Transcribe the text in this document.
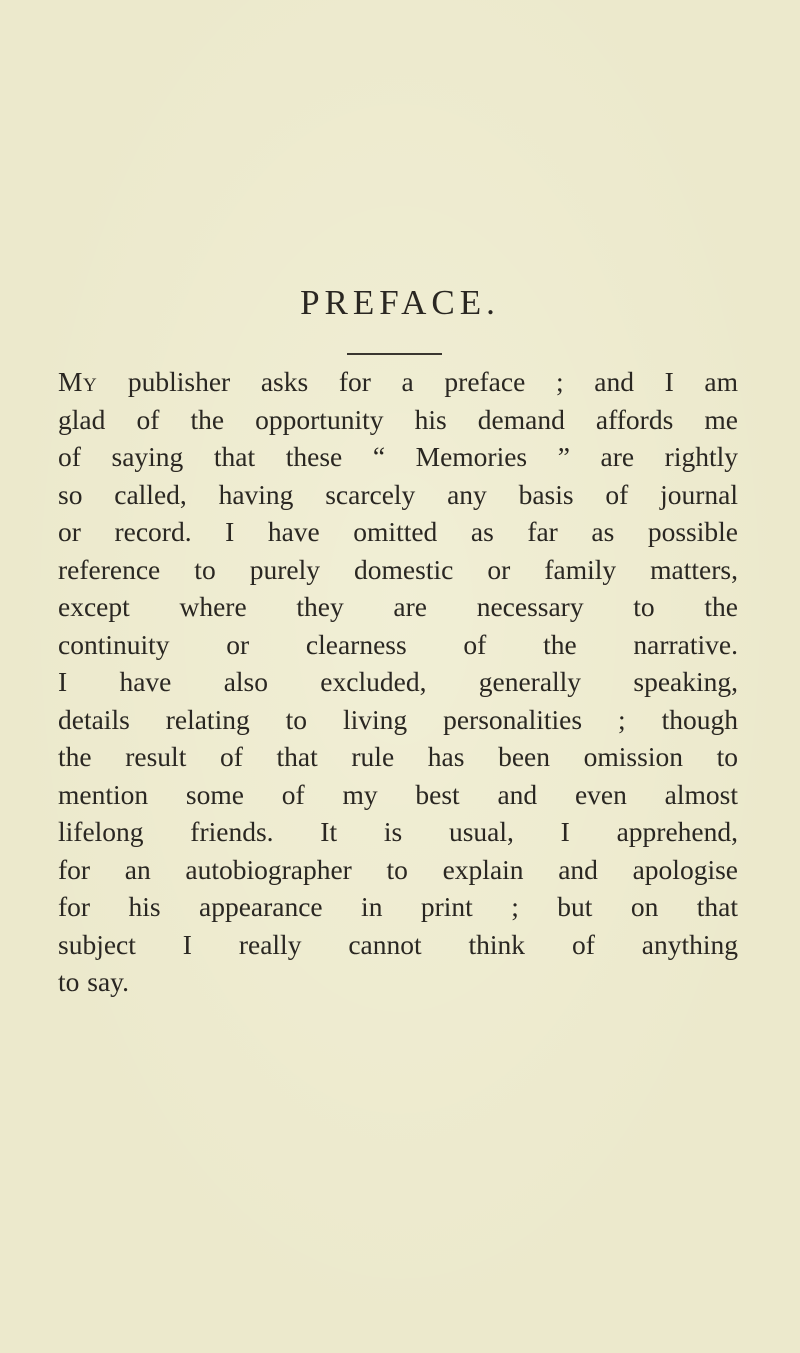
PREFACE.
My publisher asks for a preface ; and I am
glad of the opportunity his demand affords me
of saying that these “ Memories ” are rightly
so called, having scarcely any basis of journal
or record. I have omitted as far as possible
reference to purely domestic or family matters,
except where they are necessary to the
continuity or clearness of the narrative.
I have also excluded, generally speaking,
details relating to living personalities ; though
the result of that rule has been omission to
mention some of my best and even almost
lifelong friends. It is usual, I apprehend,
for an autobiographer to explain and apologise
for his appearance in print ; but on that
subject I really cannot think of anything
to say.
